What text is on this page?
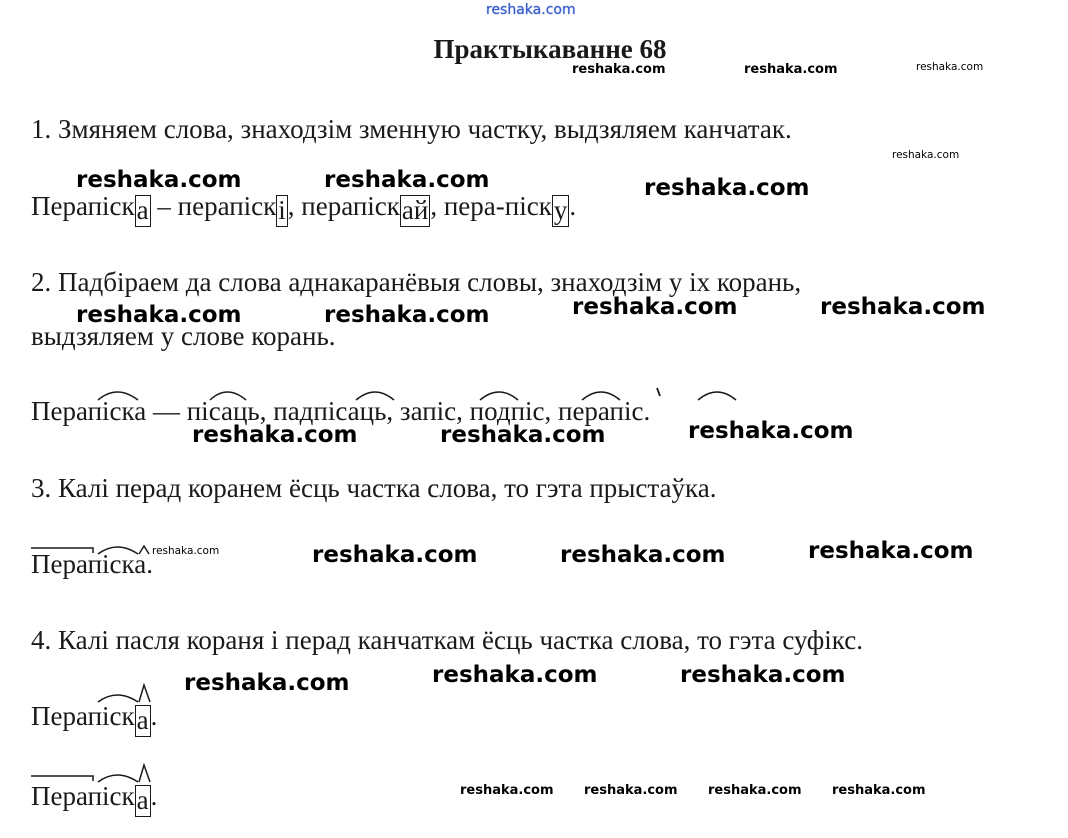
reshaka.com
Практыкаванне 68
1. Змяняем слова, знаходзім зменную частку, выдзяляем канчатак.
Перапіска – перапіскі, перапіскай, пера-піску.
2. Падбіраем да слова аднакаранёвыя словы, знаходзім у іх корань,
выдзяляем у слове корань.
Перапіска — пісаць, падпісаць, запіс, подпіс, перапіс.
3. Калі перад коранем ёсць частка слова, то гэта прыстаўка.
Перапіска.
4. Калі пасля кораня і перад канчаткам ёсць частка слова, то гэта суфікс.
Перапіска.
Перапіска.
reshaka.com	reshaka.com	reshaka.com
reshaka.com
reshaka.com	reshaka.com	reshaka.com
reshaka.com	reshaka.com
reshaka.com	reshaka.com
reshaka.com
reshaka.com	reshaka.com
reshaka.com	reshaka.com
reshaka.com	reshaka.com
reshaka.com	reshaka.com
reshaka.com
reshaka.com reshaka.com reshaka.com reshaka.com
